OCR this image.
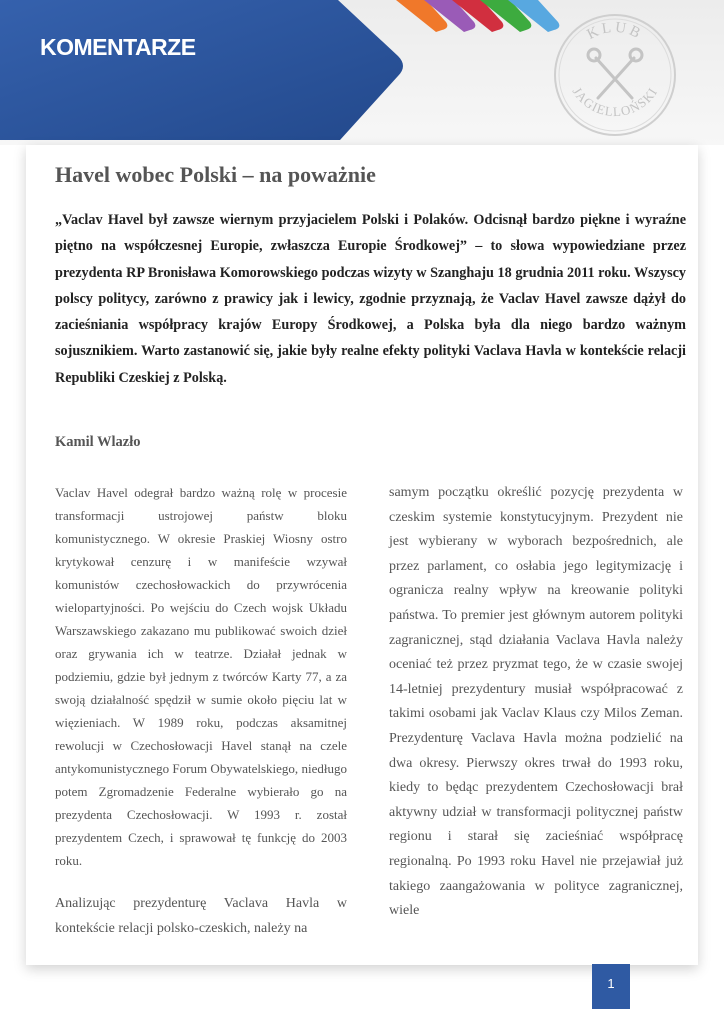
KOMENTARZE
KLUB
JAGIELLOŃSKI
Havel wobec Polski – na poważnie

„Vaclav Havel był zawsze wiernym przyjacielem Polski i Polaków. Odcisnął bardzo piękne i wyraźne piętno na współczesnej Europie, zwłaszcza Europie Środkowej” – to słowa wypowiedziane przez prezydenta RP Bronisława Komorowskiego podczas wizyty w Szanghaju 18 grudnia 2011 roku. Wszyscy polscy politycy, zarówno z prawicy jak i lewicy, zgodnie przyznają, że Vaclav Havel zawsze dążył do zacieśniania współpracy krajów Europy Środkowej, a Polska była dla niego bardzo ważnym sojusznikiem. Warto zastanowić się, jakie były realne efekty polityki Vaclava Havla w kontekście relacji Republiki Czeskiej z Polską.

Kamil Wlazło

Vaclav Havel odegrał bardzo ważną rolę w procesie transformacji ustrojowej państw bloku komunistycznego. W okresie Praskiej Wiosny ostro krytykował cenzurę i w manifeście wzywał komunistów czechosłowackich do przywrócenia wielopartyjności. Po wejściu do Czech wojsk Układu Warszawskiego zakazano mu publikować swoich dzieł oraz grywania ich w teatrze. Działał jednak w podziemiu, gdzie był jednym z twórców Karty 77, a za swoją działalność spędził w sumie około pięciu lat w więzieniach. W 1989 roku, podczas aksamitnej rewolucji w Czechosłowacji Havel stanął na czele antykomunistycznego Forum Obywatelskiego, niedługo potem Zgromadzenie Federalne wybierało go na prezydenta Czechosłowacji. W 1993 r. został prezydentem Czech, i sprawował tę funkcję do 2003 roku.

Analizując prezydenturę Vaclava Havla w kontekście relacji polsko-czeskich, należy na

samym początku określić pozycję prezydenta w czeskim systemie konstytucyjnym. Prezydent nie jest wybierany w wyborach bezpośrednich, ale przez parlament, co osłabia jego legitymizację i ogranicza realny wpływ na kreowanie polityki państwa. To premier jest głównym autorem polityki zagranicznej, stąd działania Vaclava Havla należy oceniać też przez pryzmat tego, że w czasie swojej 14-letniej prezydentury musiał współpracować z takimi osobami jak Vaclav Klaus czy Milos Zeman. Prezydenturę Vaclava Havla można podzielić na dwa okresy. Pierwszy okres trwał do 1993 roku, kiedy to będąc prezydentem Czechosłowacji brał aktywny udział w transformacji politycznej państw regionu i starał się zacieśniać współpracę regionalną. Po 1993 roku Havel nie przejawiał już takiego zaangażowania w polityce zagranicznej, wiele

1
